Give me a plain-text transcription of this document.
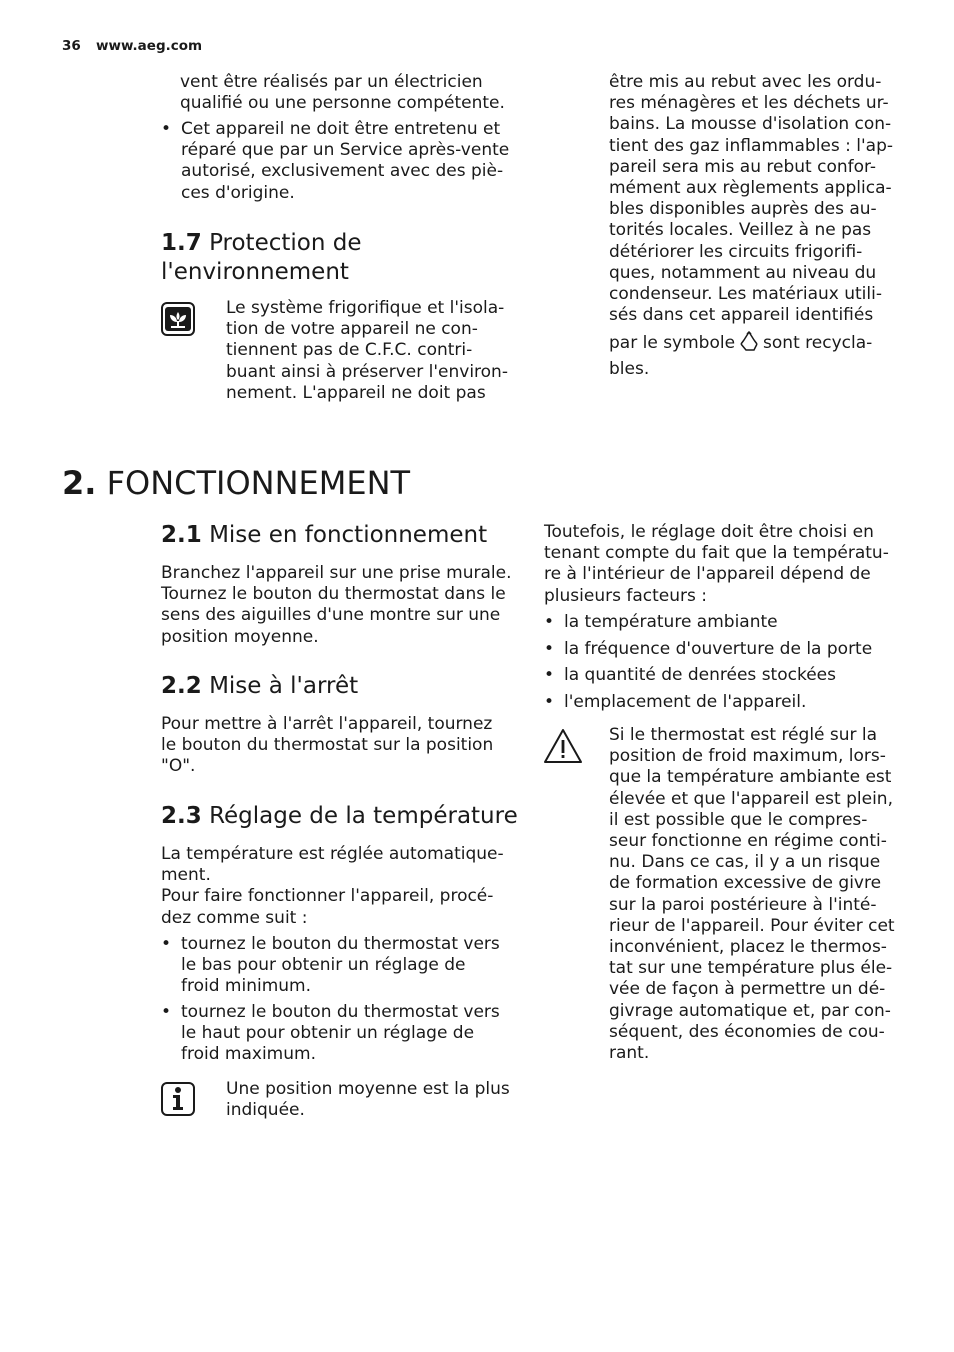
36 www.aeg.com
vent être réalisés par un électricien
qualifié ou une personne compétente.
• Cet appareil ne doit être entretenu et
réparé que par un Service après-vente
autorisé, exclusivement avec des piè-
ces d'origine.
1.7 Protection de
l'environnement
Le système frigorifique et l'isola-
tion de votre appareil ne con-
tiennent pas de C.F.C. contri-
buant ainsi à préserver l'environ-
nement. L'appareil ne doit pas
être mis au rebut avec les ordu-
res ménagères et les déchets ur-
bains. La mousse d'isolation con-
tient des gaz inflammables : l'ap-
pareil sera mis au rebut confor-
mément aux règlements applica-
bles disponibles auprès des au-
torités locales. Veillez à ne pas
détériorer les circuits frigorifi-
ques, notamment au niveau du
condenseur. Les matériaux utili-
sés dans cet appareil identifiés
par le symbole sont recycla-
bles.
2. FONCTIONNEMENT
2.1 Mise en fonctionnement
Branchez l'appareil sur une prise murale.
Tournez le bouton du thermostat dans le
sens des aiguilles d'une montre sur une
position moyenne.
2.2 Mise à l'arrêt
Pour mettre à l'arrêt l'appareil, tournez
le bouton du thermostat sur la position
"O".
2.3 Réglage de la température
La température est réglée automatique-
ment.
Pour faire fonctionner l'appareil, procé-
dez comme suit :
• tournez le bouton du thermostat vers
le bas pour obtenir un réglage de
froid minimum.
• tournez le bouton du thermostat vers
le haut pour obtenir un réglage de
froid maximum.
Une position moyenne est la plus
indiquée.
Toutefois, le réglage doit être choisi en
tenant compte du fait que la températu-
re à l'intérieur de l'appareil dépend de
plusieurs facteurs :
• la température ambiante
• la fréquence d'ouverture de la porte
• la quantité de denrées stockées
• l'emplacement de l'appareil.
Si le thermostat est réglé sur la
position de froid maximum, lors-
que la température ambiante est
élevée et que l'appareil est plein,
il est possible que le compres-
seur fonctionne en régime conti-
nu. Dans ce cas, il y a un risque
de formation excessive de givre
sur la paroi postérieure à l'inté-
rieur de l'appareil. Pour éviter cet
inconvénient, placez le thermos-
tat sur une température plus éle-
vée de façon à permettre un dé-
givrage automatique et, par con-
séquent, des économies de cou-
rant.
